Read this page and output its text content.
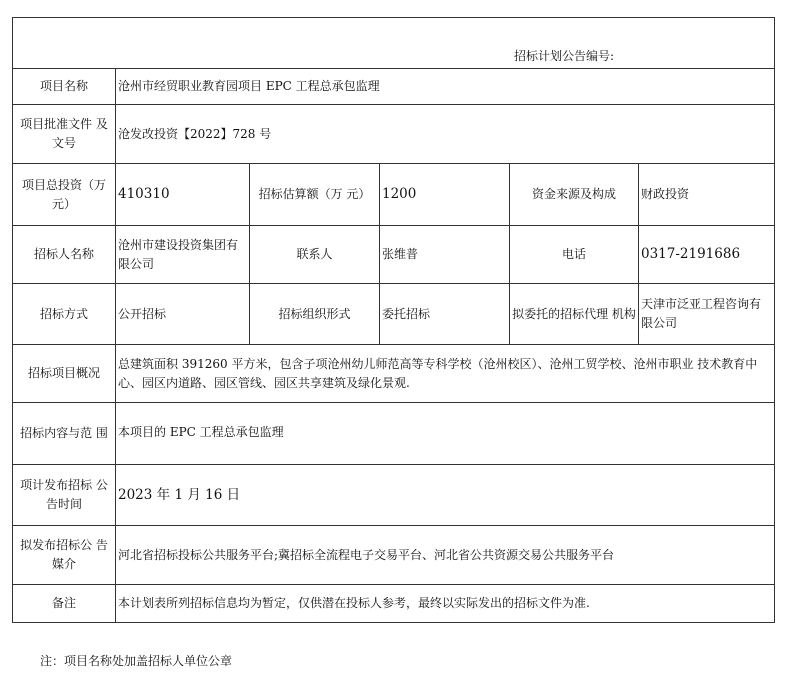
招标计划公告编号:					
项目名称	沧州市经贸职业教育园项目 EPC 工程总承包监理				
项目批准文件 及文号	沧发改投资【2022】728 号				
项目总投资（万元）	410310	招标估算额（万 元）	1200	资金来源及构成	财政投资
招标人名称	沧州市建设投资集团有限公司	联系人	张维普	电话	0317-2191686
招标方式	公开招标	招标组织形式	委托招标	拟委托的招标代理 机构	天津市泛亚工程咨询有限公司
招标项目概况	总建筑面积 391260 平方米，包含子项沧州幼儿师范高等专科学校（沧州校区）、沧州工贸学校、沧州市职业 技术教育中心、园区内道路、园区管线、园区共享建筑及绿化景观.				
招标内容与范 围	本项目的 EPC 工程总承包监理				
项计发布招标 公告时间	2023 年 1 月 16 日				
拟发布招标公 告媒介	河北省招标投标公共服务平台;冀招标全流程电子交易平台、河北省公共资源交易公共服务平台				
备注	本计划表所列招标信息均为暂定，仅供潜在投标人参考，最终以实际发出的招标文件为准.				
注：项目名称处加盖招标人单位公章
